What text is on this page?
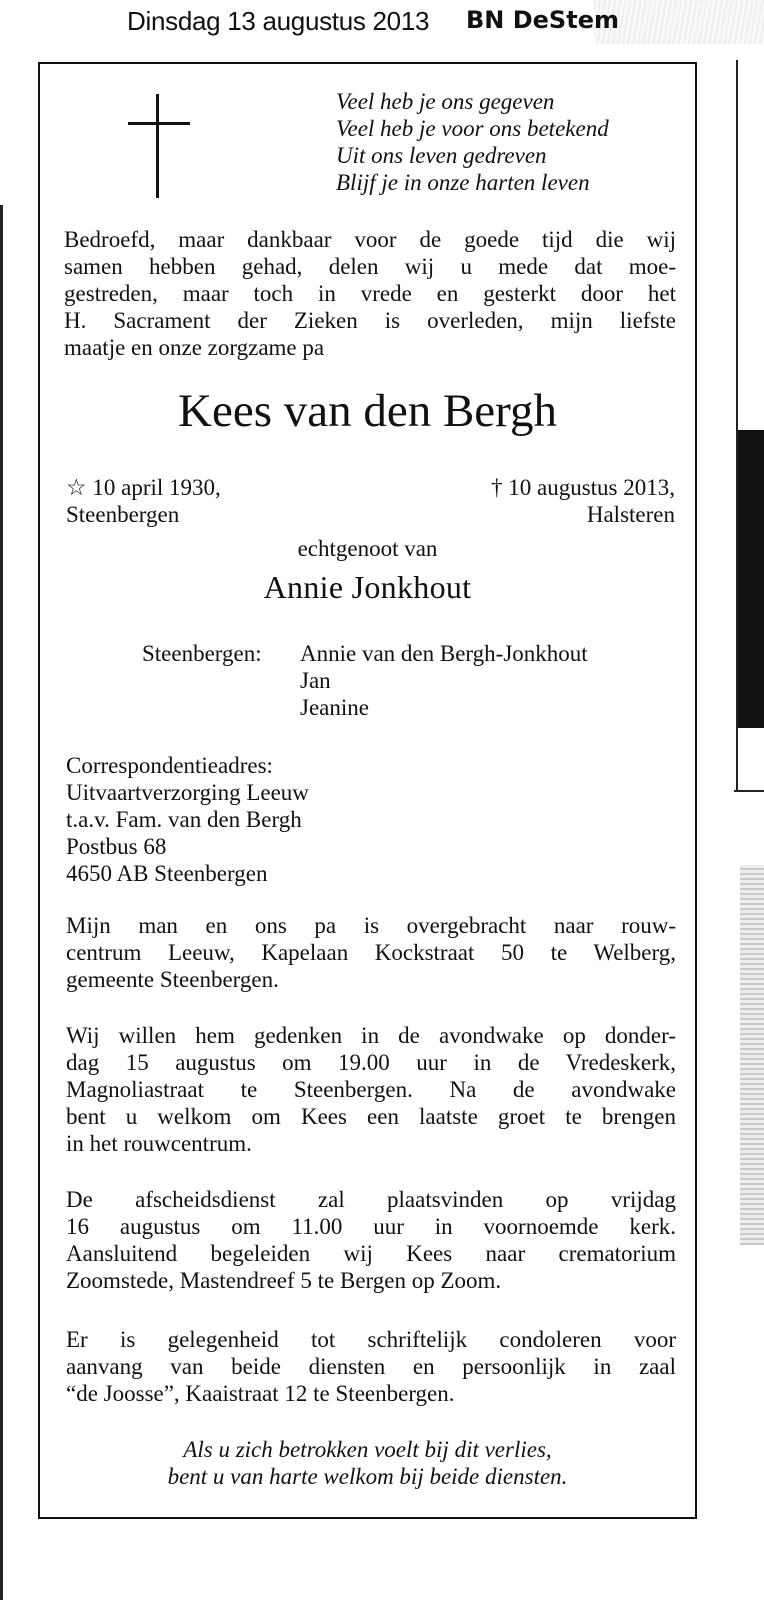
Dinsdag 13 augustus 2013 BN DeStem
Veel heb je ons gegeven
Veel heb je voor ons betekend
Uit ons leven gedreven
Blijf je in onze harten leven
Bedroefd, maar dankbaar voor de goede tijd die wij
samen hebben gehad, delen wij u mede dat moe-
gestreden, maar toch in vrede en gesterkt door het
H. Sacrament der Zieken is overleden, mijn liefste
maatje en onze zorgzame pa
Kees van den Bergh
☆ 10 april 1930,
Steenbergen
† 10 augustus 2013,
Halsteren
echtgenoot van
Annie Jonkhout
Steenbergen: Annie van den Bergh-Jonkhout
Jan
Jeanine
Correspondentieadres:
Uitvaartverzorging Leeuw
t.a.v. Fam. van den Bergh
Postbus 68
4650 AB Steenbergen
Mijn man en ons pa is overgebracht naar rouw-
centrum Leeuw, Kapelaan Kockstraat 50 te Welberg,
gemeente Steenbergen.
Wij willen hem gedenken in de avondwake op donder-
dag 15 augustus om 19.00 uur in de Vredeskerk,
Magnoliastraat te Steenbergen. Na de avondwake
bent u welkom om Kees een laatste groet te brengen
in het rouwcentrum.
De afscheidsdienst zal plaatsvinden op vrijdag
16 augustus om 11.00 uur in voornoemde kerk.
Aansluitend begeleiden wij Kees naar crematorium
Zoomstede, Mastendreef 5 te Bergen op Zoom.
Er is gelegenheid tot schriftelijk condoleren voor
aanvang van beide diensten en persoonlijk in zaal
“de Joosse”, Kaaistraat 12 te Steenbergen.
Als u zich betrokken voelt bij dit verlies,
bent u van harte welkom bij beide diensten.
